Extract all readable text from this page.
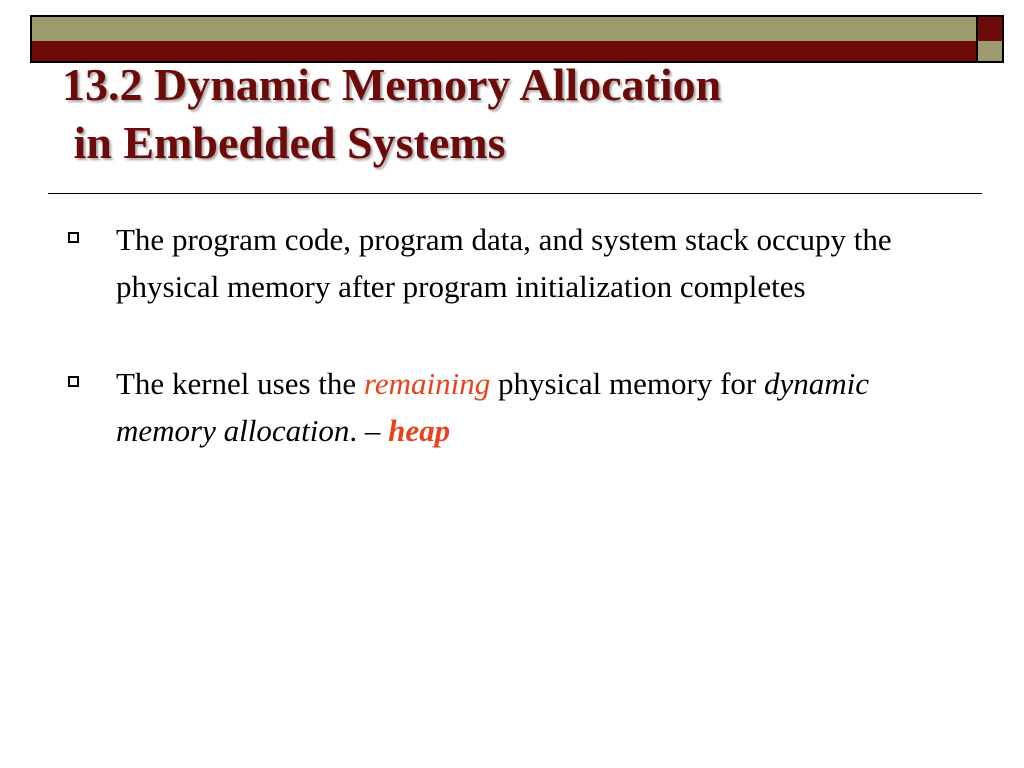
13.2 Dynamic Memory Allocation
in Embedded Systems
The program code, program data, and system stack occupy the physical memory after program initialization completes
The kernel uses the remaining physical memory for dynamic memory allocation. – heap
